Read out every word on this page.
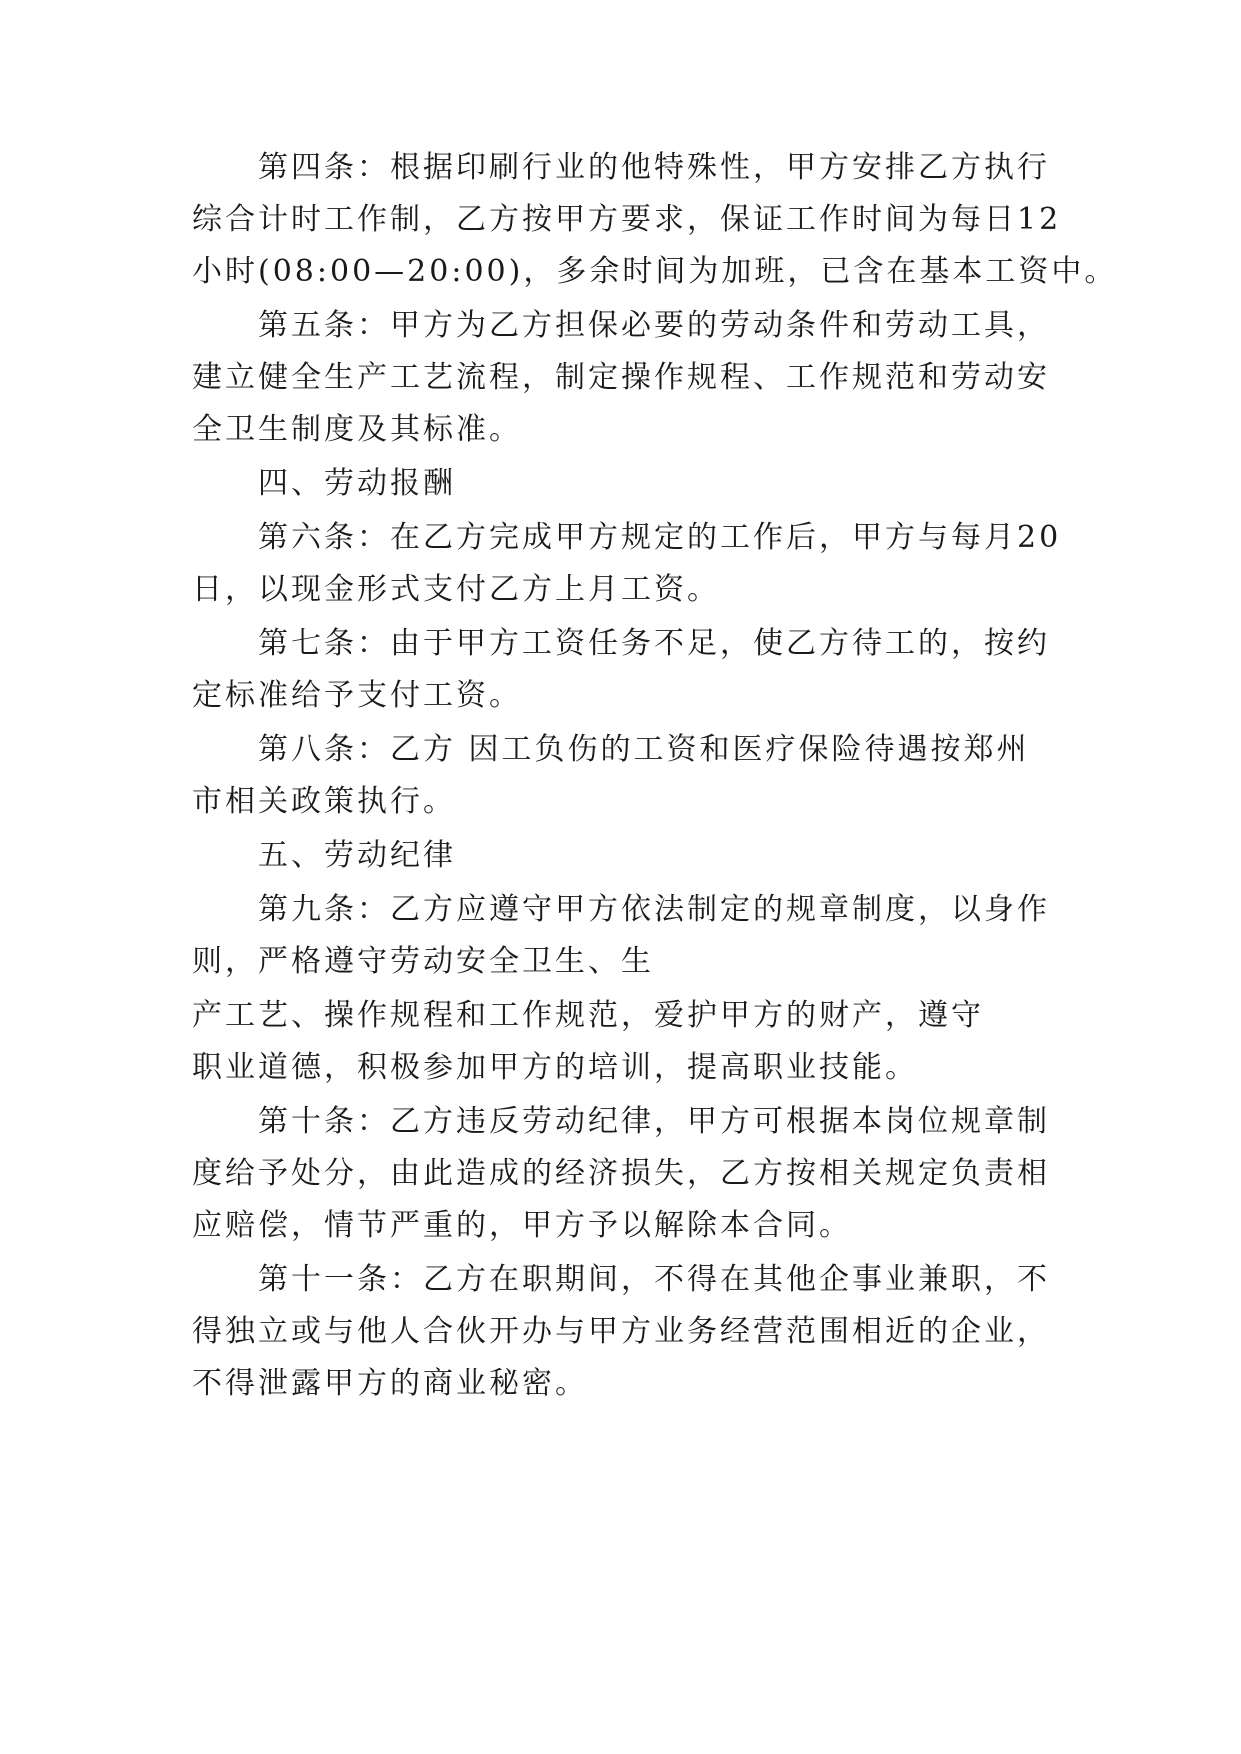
第四条：根据印刷行业的他特殊性，甲方安排乙方执行
综合计时工作制，乙方按甲方要求，保证工作时间为每日12
小时(08:00—20:00)，多余时间为加班，已含在基本工资中。
第五条：甲方为乙方担保必要的劳动条件和劳动工具，
建立健全生产工艺流程，制定操作规程、工作规范和劳动安
全卫生制度及其标准。
四、劳动报酬
第六条：在乙方完成甲方规定的工作后，甲方与每月20
日，以现金形式支付乙方上月工资。
第七条：由于甲方工资任务不足，使乙方待工的，按约
定标准给予支付工资。
第八条：乙方 因工负伤的工资和医疗保险待遇按郑州
市相关政策执行。
五、劳动纪律
第九条：乙方应遵守甲方依法制定的规章制度，以身作
则，严格遵守劳动安全卫生、生
产工艺、操作规程和工作规范，爱护甲方的财产，遵守
职业道德，积极参加甲方的培训，提高职业技能。
第十条：乙方违反劳动纪律，甲方可根据本岗位规章制
度给予处分，由此造成的经济损失，乙方按相关规定负责相
应赔偿，情节严重的，甲方予以解除本合同。
第十一条：乙方在职期间，不得在其他企事业兼职，不
得独立或与他人合伙开办与甲方业务经营范围相近的企业，
不得泄露甲方的商业秘密。
